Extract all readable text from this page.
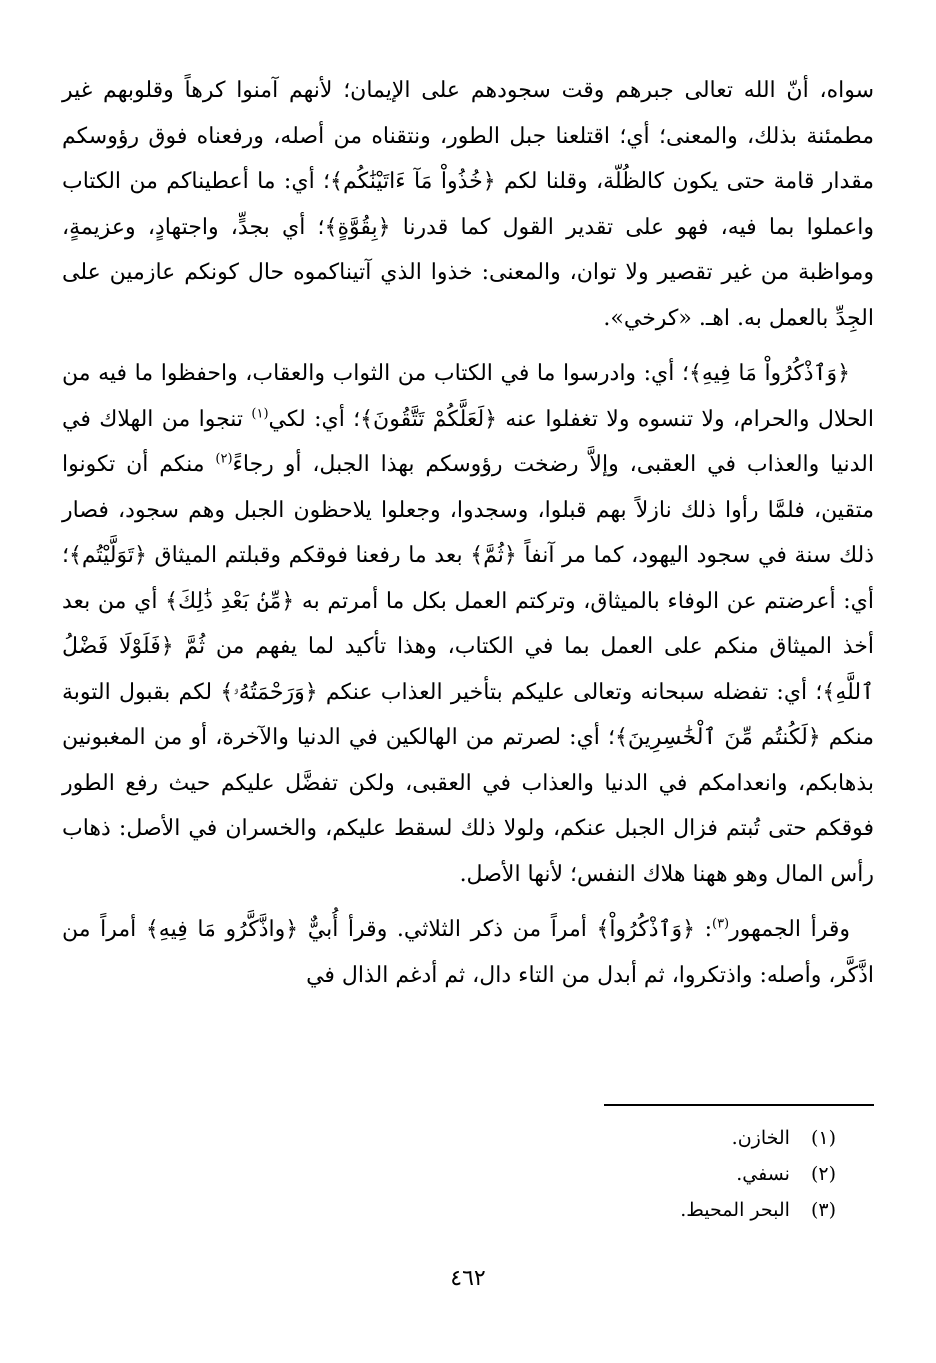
سواه، أنّ الله تعالى جبرهم وقت سجودهم على الإيمان؛ لأنهم آمنوا كرهاً وقلوبهم غير مطمئنة بذلك، والمعنى؛ أي؛ اقتلعنا جبل الطور، ونتقناه من أصله، ورفعناه فوق رؤوسكم مقدار قامة حتى يكون كالظُلّة، وقلنا لكم ﴿خُذُواْ مَآ ءَاتَيْنَٰكُم﴾؛ أي: ما أعطيناكم من الكتاب واعملوا بما فيه، فهو على تقدير القول كما قدرنا ﴿بِقُوَّةٍ﴾؛ أي بجدٍّ، واجتهادٍ، وعزيمةٍ، ومواظبة من غير تقصير ولا توان، والمعنى: خذوا الذي آتيناكموه حال كونكم عازمين على الجِدِّ بالعمل به. اهـ. «كرخي».

﴿وَٱذْكُرُواْ مَا فِيهِ﴾؛ أي: وادرسوا ما في الكتاب من الثواب والعقاب، واحفظوا ما فيه من الحلال والحرام، ولا تنسوه ولا تغفلوا عنه ﴿لَعَلَّكُمْ تَتَّقُونَ﴾؛ أي: لكي$^{(١)}$ تنجوا من الهلاك في الدنيا والعذاب في العقبى، وإلاَّ رضخت رؤوسكم بهذا الجبل، أو رجاءً$^{(٢)}$ منكم أن تكونوا متقين، فلمَّا رأوا ذلك نازلاً بهم قبلوا، وسجدوا، وجعلوا يلاحظون الجبل وهم سجود، فصار ذلك سنة في سجود اليهود، كما مر آنفاً ﴿ثُمَّ﴾ بعد ما رفعنا فوقكم وقبلتم الميثاق ﴿تَوَلَّيْتُم﴾؛ أي: أعرضتم عن الوفاء بالميثاق، وتركتم العمل بكل ما أمرتم به ﴿مِّنۢ بَعْدِ ذَٰلِكَ﴾ أي من بعد أخذ الميثاق منكم على العمل بما في الكتاب، وهذا تأكيد لما يفهم من ثُمَّ ﴿فَلَوْلَا فَضْلُ ٱللَّهِ﴾؛ أي: تفضله سبحانه وتعالى عليكم بتأخير العذاب عنكم ﴿وَرَحْمَتُهُۥ﴾ لكم بقبول التوبة منكم ﴿لَكُنتُم مِّنَ ٱلْخَٰسِرِينَ﴾؛ أي: لصرتم من الهالكين في الدنيا والآخرة، أو من المغبونين بذهابكم، وانعدامكم في الدنيا والعذاب في العقبى، ولكن تفضَّل عليكم حيث رفع الطور فوقكم حتى تُبتم فزال الجبل عنكم، ولولا ذلك لسقط عليكم، والخسران في الأصل: ذهاب رأس المال وهو ههنا هلاك النفس؛ لأنها الأصل.

وقرأ الجمهور$^{(٣)}$: ﴿وَٱذْكُرُواْ﴾ أمراً من ذكر الثلاثي. وقرأ أُبيٌّ ﴿واذَّكَّرُو مَا فِيهِ﴾ أمراً من اذَّكَّر، وأصله: واذتكروا، ثم أبدل من التاء دال، ثم أدغم الذال في

(١) الخازن.
(٢) نسفي.
(٣) البحر المحيط.
٤٦٢
